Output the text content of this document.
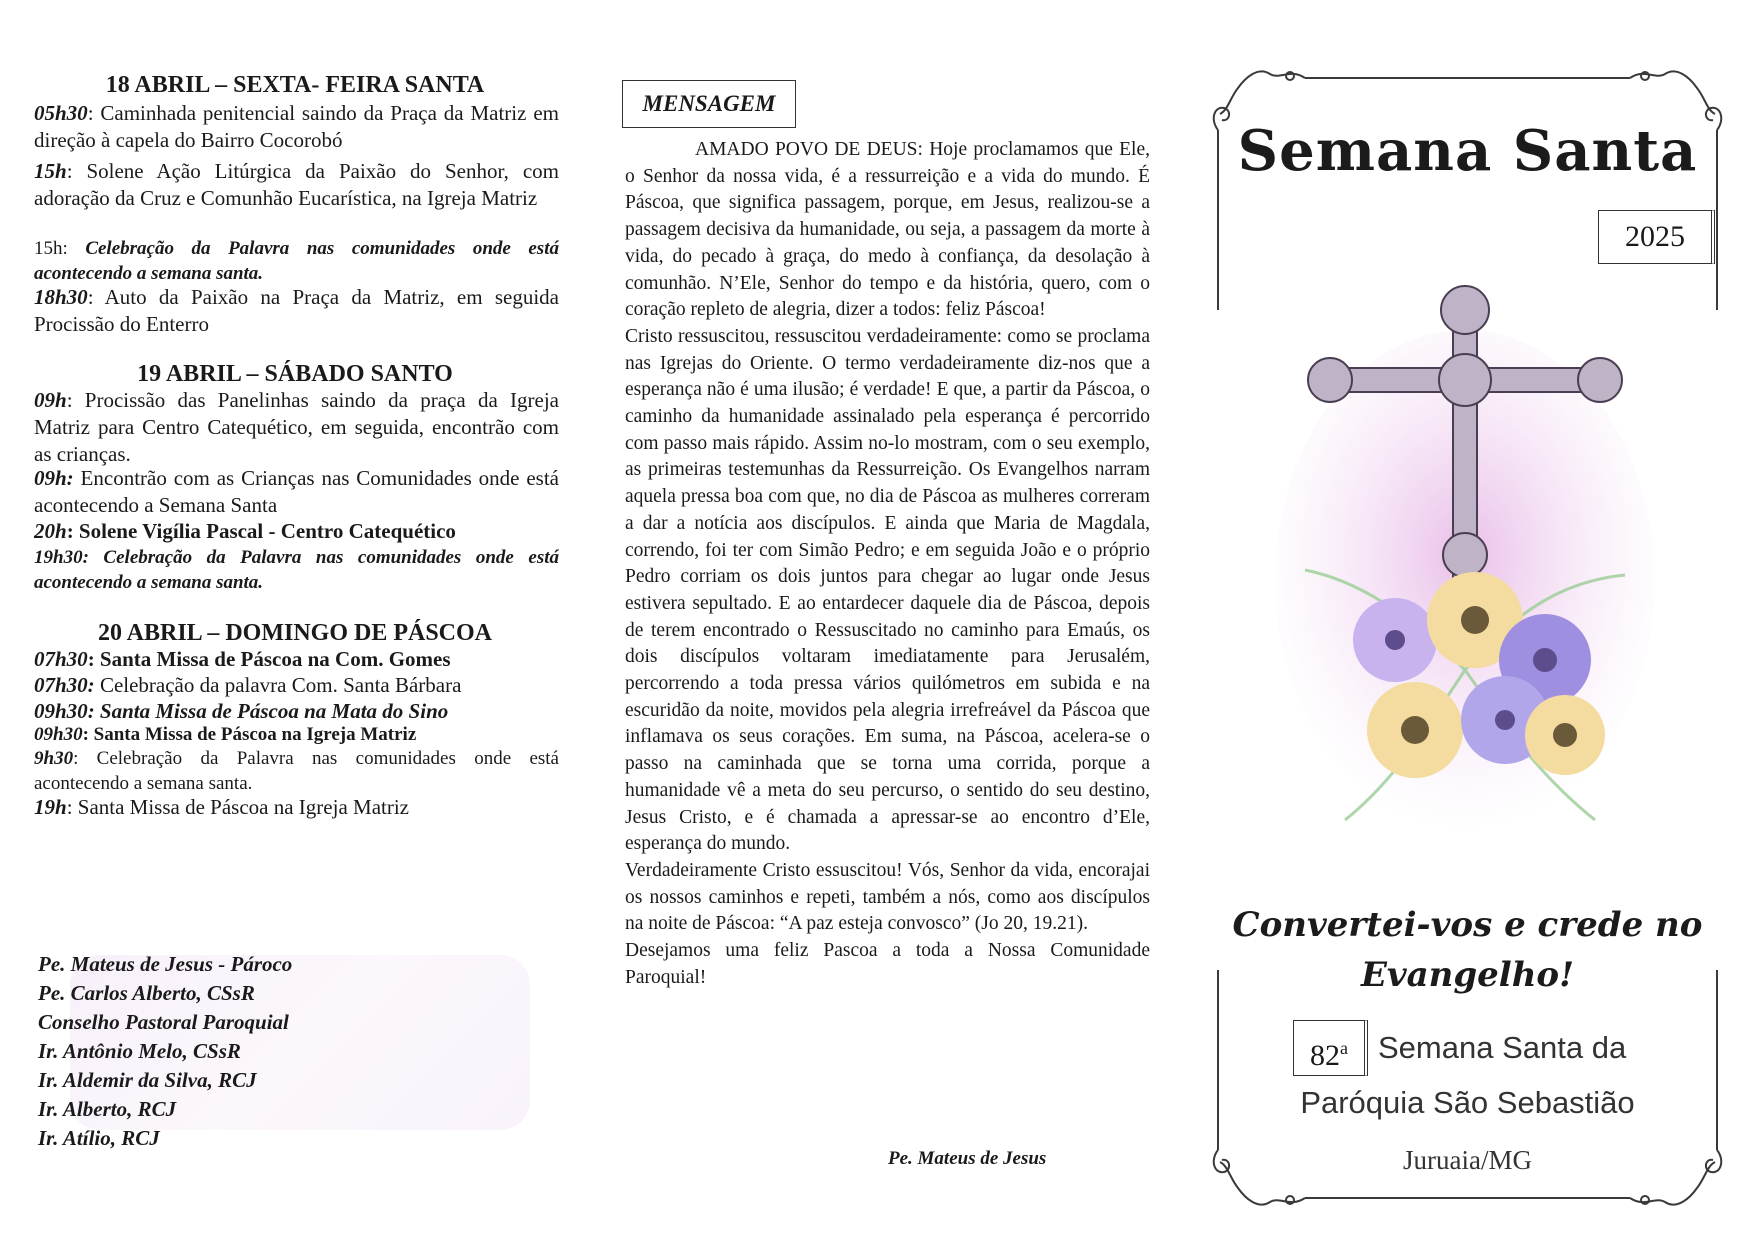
18 ABRIL – SEXTA- FEIRA SANTA
05h30: Caminhada penitencial saindo da Praça da Matriz em direção à capela do Bairro Cocorobó
15h: Solene Ação Litúrgica da Paixão do Senhor, com adoração da Cruz e Comunhão Eucarística, na Igreja Matriz
15h: Celebração da Palavra nas comunidades onde está acontecendo a semana santa.
18h30: Auto da Paixão na Praça da Matriz, em seguida Procissão do Enterro
19 ABRIL – SÁBADO SANTO
09h: Procissão das Panelinhas saindo da praça da Igreja Matriz para Centro Catequético, em seguida, encontrão com as crianças.
09h: Encontrão com as Crianças nas Comunidades onde está acontecendo a Semana Santa
20h: Solene Vigília Pascal - Centro Catequético
19h30: Celebração da Palavra nas comunidades onde está acontecendo a semana santa.
20 ABRIL – DOMINGO DE PÁSCOA
07h30: Santa Missa de Páscoa na Com. Gomes
07h30: Celebração da palavra Com. Santa Bárbara
09h30: Santa Missa de Páscoa na Mata do Sino
09h30: Santa Missa de Páscoa na Igreja Matriz
9h30: Celebração da Palavra nas comunidades onde está acontecendo a semana santa.
19h: Santa Missa de Páscoa na Igreja Matriz
Pe. Mateus de Jesus - Pároco
Pe. Carlos Alberto, CSsR
Conselho Pastoral Paroquial
Ir. Antônio Melo, CSsR
Ir. Aldemir da Silva, RCJ
Ir. Alberto, RCJ
Ir. Atílio, RCJ
MENSAGEM

AMADO POVO DE DEUS: Hoje proclamamos que Ele, o Senhor da nossa vida, é a ressurreição e a vida do mundo. É Páscoa, que significa passagem, porque, em Jesus, realizou-se a passagem decisiva da humanidade, ou seja, a passagem da morte à vida, do pecado à graça, do medo à confiança, da desolação à comunhão. N’Ele, Senhor do tempo e da história, quero, com o coração repleto de alegria, dizer a todos: feliz Páscoa!

Cristo ressuscitou, ressuscitou verdadeiramente: como se proclama nas Igrejas do Oriente. O termo verdadeiramente diz-nos que a esperança não é uma ilusão; é verdade! E que, a partir da Páscoa, o caminho da humanidade assinalado pela esperança é percorrido com passo mais rápido. Assim no-lo mostram, com o seu exemplo, as primeiras testemunhas da Ressurreição. Os Evangelhos narram aquela pressa boa com que, no dia de Páscoa as mulheres correram a dar a notícia aos discípulos. E ainda que Maria de Magdala, correndo, foi ter com Simão Pedro; e em seguida João e o próprio Pedro corriam os dois juntos para chegar ao lugar onde Jesus estivera sepultado. E ao entardecer daquele dia de Páscoa, depois de terem encontrado o Ressuscitado no caminho para Emaús, os dois discípulos voltaram imediatamente para Jerusalém, percorrendo a toda pressa vários quilómetros em subida e na escuridão da noite, movidos pela alegria irrefreável da Páscoa que inflamava os seus corações. Em suma, na Páscoa, acelera-se o passo na caminhada que se torna uma corrida, porque a humanidade vê a meta do seu percurso, o sentido do seu destino, Jesus Cristo, e é chamada a apressar-se ao encontro d’Ele, esperança do mundo.

Verdadeiramente Cristo essuscitou! Vós, Senhor da vida, encorajai os nossos caminhos e repeti, também a nós, como aos discípulos na noite de Páscoa: “A paz esteja convosco” (Jo 20, 19.21).

Desejamos uma feliz Pascoa a toda a Nossa Comunidade Paroquial!

Pe. Mateus de Jesus
Semana Santa
2025
Convertei-vos e crede no
Evangelho!
82$^a$ Semana Santa da
Paróquia São Sebastião
Juruaia/MG
